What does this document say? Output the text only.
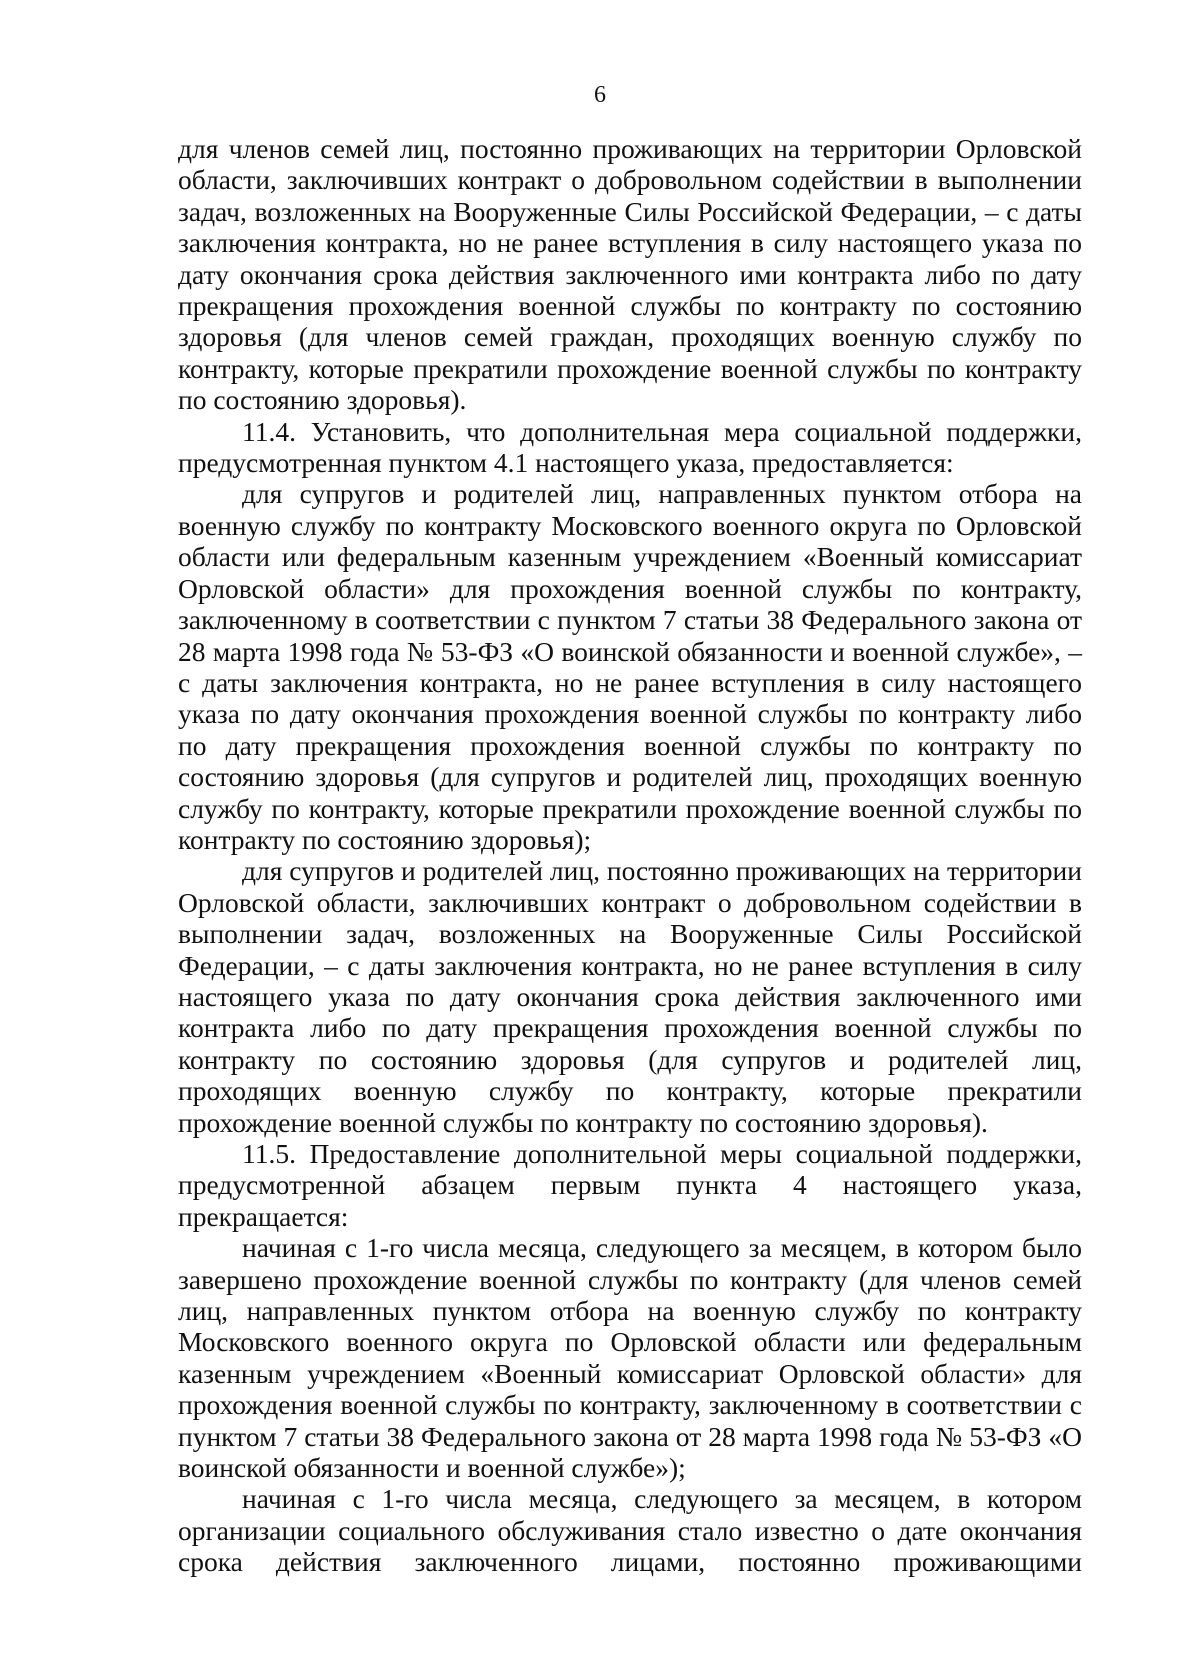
6

для членов семей лиц, постоянно проживающих на территории Орловской области, заключивших контракт о добровольном содействии в выполнении задач, возложенных на Вооруженные Силы Российской Федерации, – с даты заключения контракта, но не ранее вступления в силу настоящего указа по дату окончания срока действия заключенного ими контракта либо по дату прекращения прохождения военной службы по контракту по состоянию здоровья (для членов семей граждан, проходящих военную службу по контракту, которые прекратили прохождение военной службы по контракту по состоянию здоровья).

11.4. Установить, что дополнительная мера социальной поддержки, предусмотренная пунктом 4.1 настоящего указа, предоставляется:

для супругов и родителей лиц, направленных пунктом отбора на военную службу по контракту Московского военного округа по Орловской области или федеральным казенным учреждением «Военный комиссариат Орловской области» для прохождения военной службы по контракту, заключенному в соответствии с пунктом 7 статьи 38 Федерального закона от 28 марта 1998 года № 53-ФЗ «О воинской обязанности и военной службе», – с даты заключения контракта, но не ранее вступления в силу настоящего указа по дату окончания прохождения военной службы по контракту либо по дату прекращения прохождения военной службы по контракту по состоянию здоровья (для супругов и родителей лиц, проходящих военную службу по контракту, которые прекратили прохождение военной службы по контракту по состоянию здоровья);

для супругов и родителей лиц, постоянно проживающих на территории Орловской области, заключивших контракт о добровольном содействии в выполнении задач, возложенных на Вооруженные Силы Российской Федерации, – с даты заключения контракта, но не ранее вступления в силу настоящего указа по дату окончания срока действия заключенного ими контракта либо по дату прекращения прохождения военной службы по контракту по состоянию здоровья (для супругов и родителей лиц, проходящих военную службу по контракту, которые прекратили прохождение военной службы по контракту по состоянию здоровья).

11.5. Предоставление дополнительной меры социальной поддержки, предусмотренной абзацем первым пункта 4 настоящего указа, прекращается:

начиная с 1-го числа месяца, следующего за месяцем, в котором было завершено прохождение военной службы по контракту (для членов семей лиц, направленных пунктом отбора на военную службу по контракту Московского военного округа по Орловской области или федеральным казенным учреждением «Военный комиссариат Орловской области» для прохождения военной службы по контракту, заключенному в соответствии с пунктом 7 статьи 38 Федерального закона от 28 марта 1998 года № 53-ФЗ «О воинской обязанности и военной службе»);

начиная с 1-го числа месяца, следующего за месяцем, в котором организации социального обслуживания стало известно о дате окончания срока действия заключенного лицами, постоянно проживающими
